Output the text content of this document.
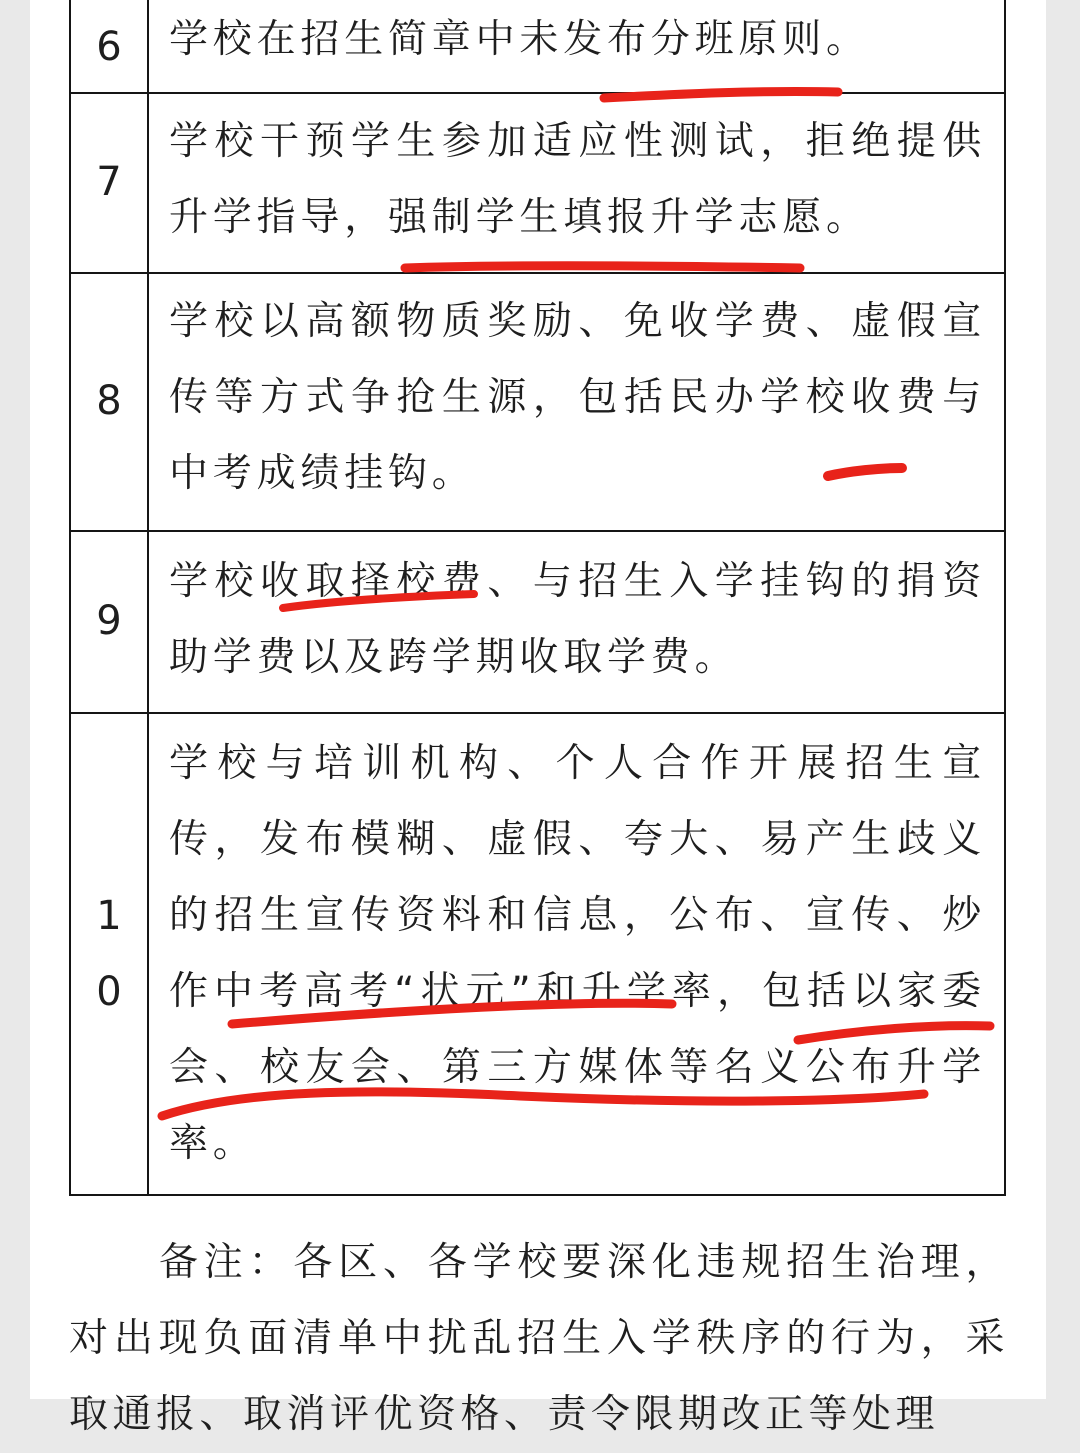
6	学校在招生简章中未发布分班原则。
7
学校干预学生参加适应性测试，拒绝提供升学指导，强制学生填报升学志愿。
8
学校以高额物质奖励、免收学费、虚假宣传等方式争抢生源，包括民办学校收费与中考成绩挂钩。
9
学校收取择校费、与招生入学挂钩的捐资助学费以及跨学期收取学费。
10
学校与培训机构、个人合作开展招生宣传，发布模糊、虚假、夸大、易产生歧义的招生宣传资料和信息，公布、宣传、炒作中考高考“状元”和升学率，包括以家委会、校友会、第三方媒体等名义公布升学率。
备注：各区、各学校要深化违规招生治理，对出现负面清单中扰乱招生入学秩序的行为，采取通报、取消评优资格、责令限期改正等处理
